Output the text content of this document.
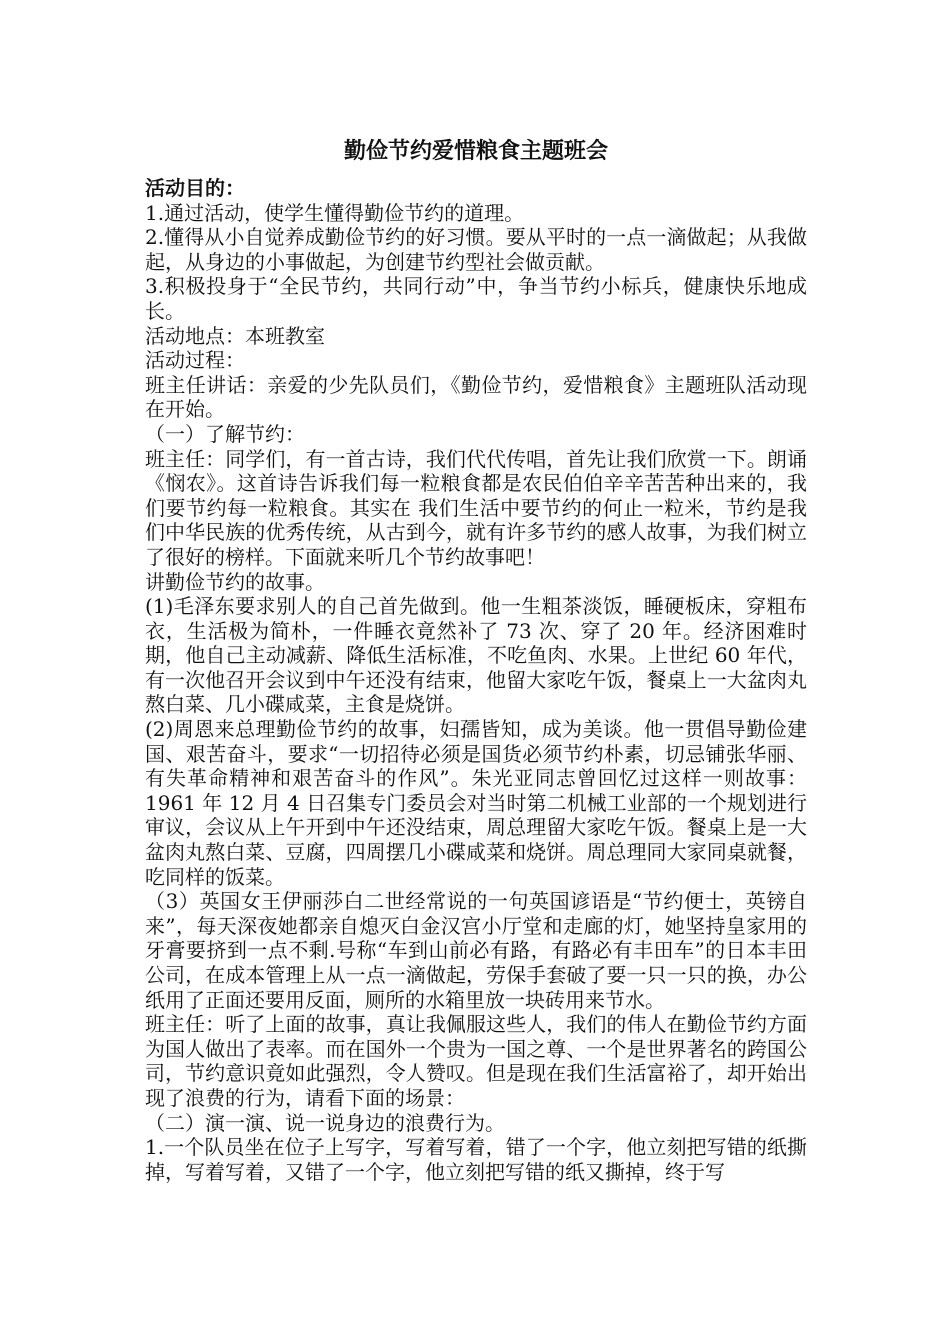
勤俭节约爱惜粮食主题班会

活动目的：

1.通过活动，使学生懂得勤俭节约的道理。

2.懂得从小自觉养成勤俭节约的好习惯。要从平时的一点一滴做起；从我做起，从身边的小事做起，为创建节约型社会做贡献。

3.积极投身于“全民节约，共同行动”中，争当节约小标兵，健康快乐地成长。

活动地点：本班教室

活动过程：

班主任讲话：亲爱的少先队员们，《勤俭节约，爱惜粮食》主题班队活动现在开始。

（一）了解节约：

班主任：同学们，有一首古诗，我们代代传唱，首先让我们欣赏一下。朗诵《悯农》。这首诗告诉我们每一粒粮食都是农民伯伯辛辛苦苦种出来的，我们要节约每一粒粮食。其实在 我们生活中要节约的何止一粒米，节约是我们中华民族的优秀传统，从古到今，就有许多节约的感人故事，为我们树立了很好的榜样。下面就来听几个节约故事吧！

讲勤俭节约的故事。

(1)毛泽东要求别人的自己首先做到。他一生粗茶淡饭，睡硬板床，穿粗布衣，生活极为简朴，一件睡衣竟然补了 73 次、穿了 20 年。经济困难时期，他自己主动减薪、降低生活标准，不吃鱼肉、水果。上世纪 60 年代，有一次他召开会议到中午还没有结束，他留大家吃午饭，餐桌上一大盆肉丸熬白菜、几小碟咸菜，主食是烧饼。

(2)周恩来总理勤俭节约的故事，妇孺皆知，成为美谈。他一贯倡导勤俭建国、艰苦奋斗，要求“一切招待必须是国货必须节约朴素，切忌铺张华丽、有失革命精神和艰苦奋斗的作风”。朱光亚同志曾回忆过这样一则故事：1961 年 12 月 4 日召集专门委员会对当时第二机械工业部的一个规划进行审议，会议从上午开到中午还没结束，周总理留大家吃午饭。餐桌上是一大盆肉丸熬白菜、豆腐，四周摆几小碟咸菜和烧饼。周总理同大家同桌就餐，吃同样的饭菜。

（3）英国女王伊丽莎白二世经常说的一句英国谚语是“节约便士，英镑自来”，每天深夜她都亲自熄灭白金汉宫小厅堂和走廊的灯，她坚持皇家用的牙膏要挤到一点不剩.号称“车到山前必有路，有路必有丰田车”的日本丰田公司，在成本管理上从一点一滴做起，劳保手套破了要一只一只的换，办公纸用了正面还要用反面，厕所的水箱里放一块砖用来节水。

班主任：听了上面的故事，真让我佩服这些人，我们的伟人在勤俭节约方面为国人做出了表率。而在国外一个贵为一国之尊、一个是世界著名的跨国公司，节约意识竟如此强烈，令人赞叹。但是现在我们生活富裕了，却开始出现了浪费的行为，请看下面的场景：

（二）演一演、说一说身边的浪费行为。

1.一个队员坐在位子上写字，写着写着，错了一个字，他立刻把写错的纸撕掉，写着写着，又错了一个字，他立刻把写错的纸又撕掉，终于写
